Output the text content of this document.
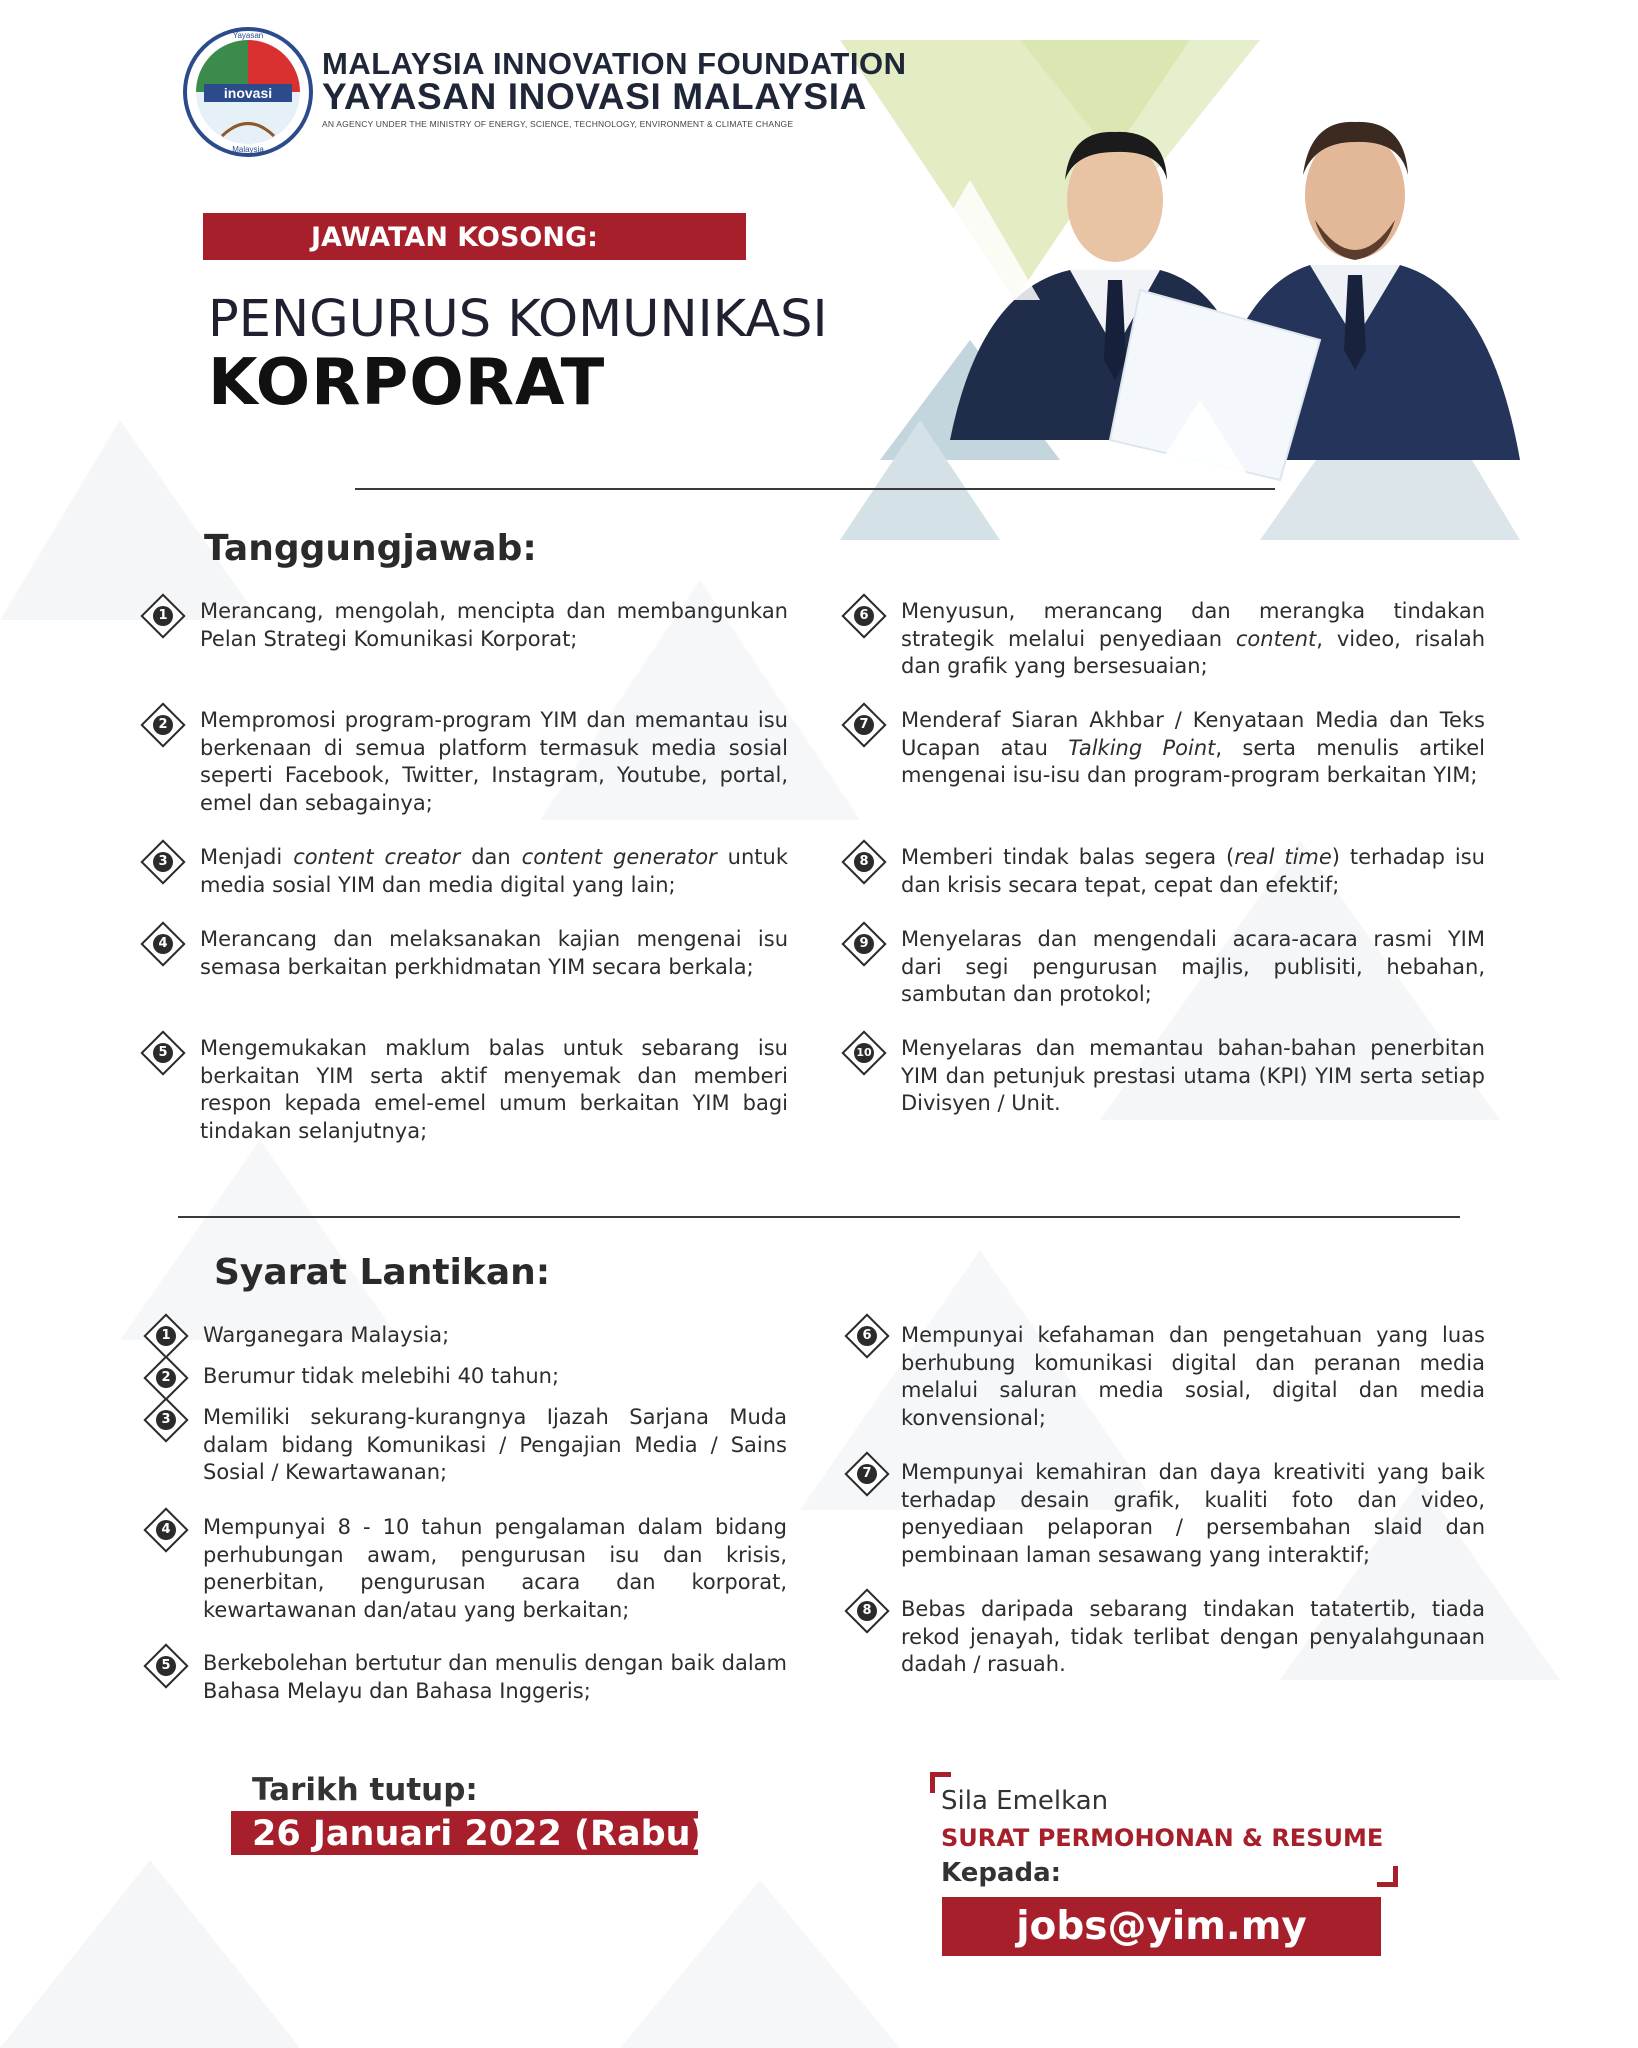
inovasi
Yayasan
Malaysia
MALAYSIA INNOVATION FOUNDATION
YAYASAN INOVASI MALAYSIA
AN AGENCY UNDER THE MINISTRY OF ENERGY, SCIENCE, TECHNOLOGY, ENVIRONMENT & CLIMATE CHANGE
JAWATAN KOSONG:
PENGURUS KOMUNIKASI
KORPORAT
Tanggungjawab:
1 Merancang, mengolah, mencipta dan membangunkan Pelan Strategi Komunikasi Korporat;
2 Mempromosi program-program YIM dan memantau isu berkenaan di semua platform termasuk media sosial seperti Facebook, Twitter, Instagram, Youtube, portal, emel dan sebagainya;
3 Menjadi content creator dan content generator untuk media sosial YIM dan media digital yang lain;
4 Merancang dan melaksanakan kajian mengenai isu semasa berkaitan perkhidmatan YIM secara berkala;
5 Mengemukakan maklum balas untuk sebarang isu berkaitan YIM serta aktif menyemak dan memberi respon kepada emel-emel umum berkaitan YIM bagi tindakan selanjutnya;
6 Menyusun, merancang dan merangka tindakan strategik melalui penyediaan content, video, risalah dan grafik yang bersesuaian;
7 Menderaf Siaran Akhbar / Kenyataan Media dan Teks Ucapan atau Talking Point, serta menulis artikel mengenai isu-isu dan program-program berkaitan YIM;
8 Memberi tindak balas segera (real time) terhadap isu dan krisis secara tepat, cepat dan efektif;
9 Menyelaras dan mengendali acara-acara rasmi YIM dari segi pengurusan majlis, publisiti, hebahan, sambutan dan protokol;
10 Menyelaras dan memantau bahan-bahan penerbitan YIM dan petunjuk prestasi utama (KPI) YIM serta setiap Divisyen / Unit.
Syarat Lantikan:
1 Warganegara Malaysia;
2 Berumur tidak melebihi 40 tahun;
3 Memiliki sekurang-kurangnya Ijazah Sarjana Muda dalam bidang Komunikasi / Pengajian Media / Sains Sosial / Kewartawanan;
4 Mempunyai 8 - 10 tahun pengalaman dalam bidang perhubungan awam, pengurusan isu dan krisis, penerbitan, pengurusan acara dan korporat, kewartawanan dan/atau yang berkaitan;
5 Berkebolehan bertutur dan menulis dengan baik dalam Bahasa Melayu dan Bahasa Inggeris;
6 Mempunyai kefahaman dan pengetahuan yang luas berhubung komunikasi digital dan peranan media melalui saluran media sosial, digital dan media konvensional;
7 Mempunyai kemahiran dan daya kreativiti yang baik terhadap desain grafik, kualiti foto dan video, penyediaan pelaporan / persembahan slaid dan pembinaan laman sesawang yang interaktif;
8 Bebas daripada sebarang tindakan tatatertib, tiada rekod jenayah, tidak terlibat dengan penyalahgunaan dadah / rasuah.
Tarikh tutup:
26 Januari 2022 (Rabu)
Sila Emelkan
SURAT PERMOHONAN & RESUME
Kepada:
jobs@yim.my
